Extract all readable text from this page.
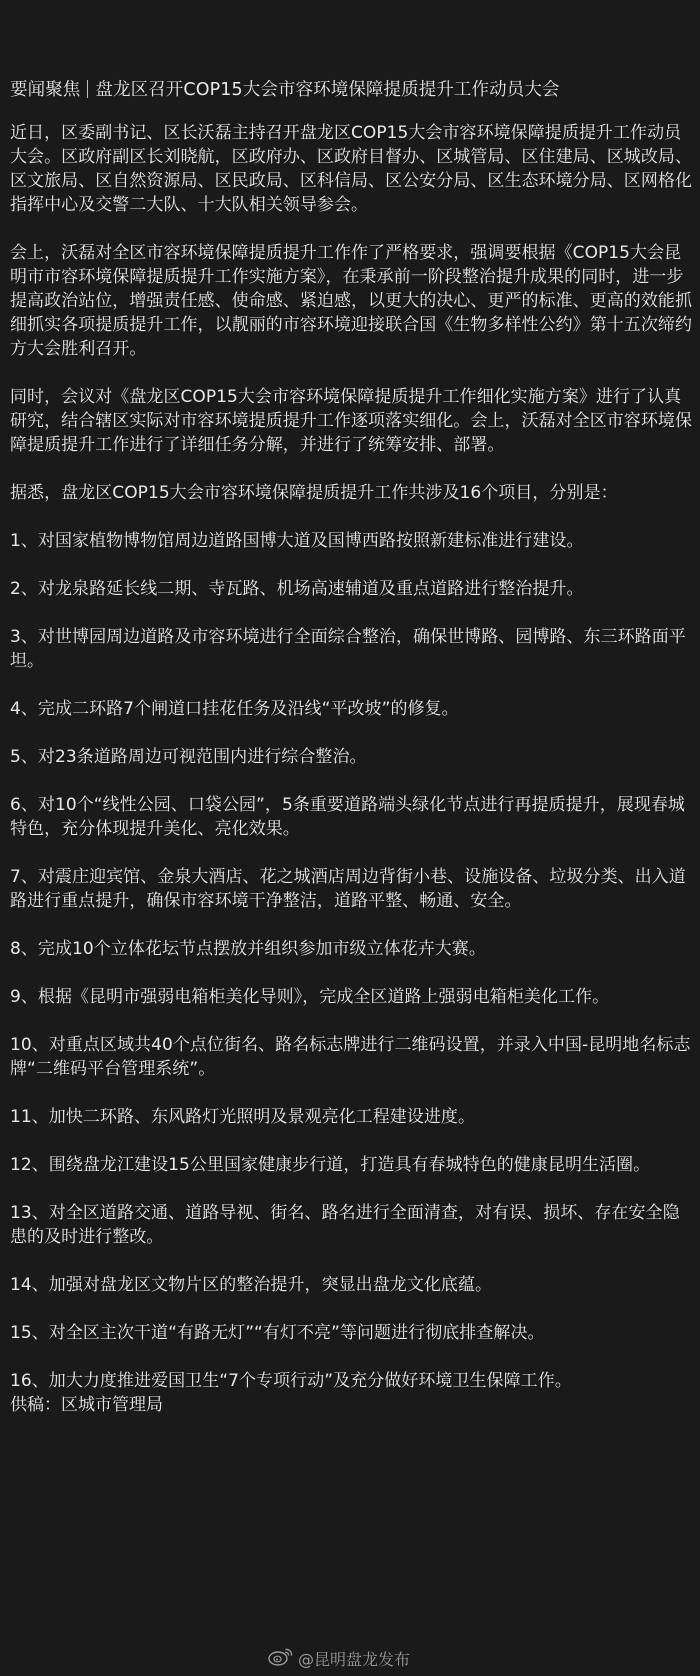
要闻聚焦 盘龙区召开COP15大会市容环境保障提质提升工作动员大会

近日，区委副书记、区长沃磊主持召开盘龙区COP15大会市容环境保障提质提升工作动员大会。区政府副区长刘晓航，区政府办、区政府目督办、区城管局、区住建局、区城改局、区文旅局、区自然资源局、区民政局、区科信局、区公安分局、区生态环境分局、区网格化指挥中心及交警二大队、十大队相关领导参会。

会上，沃磊对全区市容环境保障提质提升工作作了严格要求，强调要根据《COP15大会昆明市市容环境保障提质提升工作实施方案》，在秉承前一阶段整治提升成果的同时，进一步提高政治站位，增强责任感、使命感、紧迫感，以更大的决心、更严的标准、更高的效能抓细抓实各项提质提升工作，以靓丽的市容环境迎接联合国《生物多样性公约》第十五次缔约方大会胜利召开。

同时，会议对《盘龙区COP15大会市容环境保障提质提升工作细化实施方案》进行了认真研究，结合辖区实际对市容环境提质提升工作逐项落实细化。会上，沃磊对全区市容环境保障提质提升工作进行了详细任务分解，并进行了统筹安排、部署。

据悉，盘龙区COP15大会市容环境保障提质提升工作共涉及16个项目，分别是：

1、对国家植物博物馆周边道路国博大道及国博西路按照新建标准进行建设。

2、对龙泉路延长线二期、寺瓦路、机场高速辅道及重点道路进行整治提升。

3、对世博园周边道路及市容环境进行全面综合整治，确保世博路、园博路、东三环路面平坦。

4、完成二环路7个闸道口挂花任务及沿线“平改坡”的修复。

5、对23条道路周边可视范围内进行综合整治。

6、对10个“线性公园、口袋公园”，5条重要道路端头绿化节点进行再提质提升，展现春城特色，充分体现提升美化、亮化效果。

7、对震庄迎宾馆、金泉大酒店、花之城酒店周边背街小巷、设施设备、垃圾分类、出入道路进行重点提升，确保市容环境干净整洁，道路平整、畅通、安全。

8、完成10个立体花坛节点摆放并组织参加市级立体花卉大赛。

9、根据《昆明市强弱电箱柜美化导则》，完成全区道路上强弱电箱柜美化工作。

10、对重点区域共40个点位街名、路名标志牌进行二维码设置，并录入中国-昆明地名标志牌“二维码平台管理系统”。

11、加快二环路、东风路灯光照明及景观亮化工程建设进度。

12、围绕盘龙江建设15公里国家健康步行道，打造具有春城特色的健康昆明生活圈。

13、对全区道路交通、道路导视、街名、路名进行全面清查，对有误、损坏、存在安全隐患的及时进行整改。

14、加强对盘龙区文物片区的整治提升，突显出盘龙文化底蕴。

15、对全区主次干道“有路无灯”“有灯不亮”等问题进行彻底排查解决。

16、加大力度推进爱国卫生“7个专项行动”及充分做好环境卫生保障工作。

供稿：区城市管理局

@昆明盘龙发布
